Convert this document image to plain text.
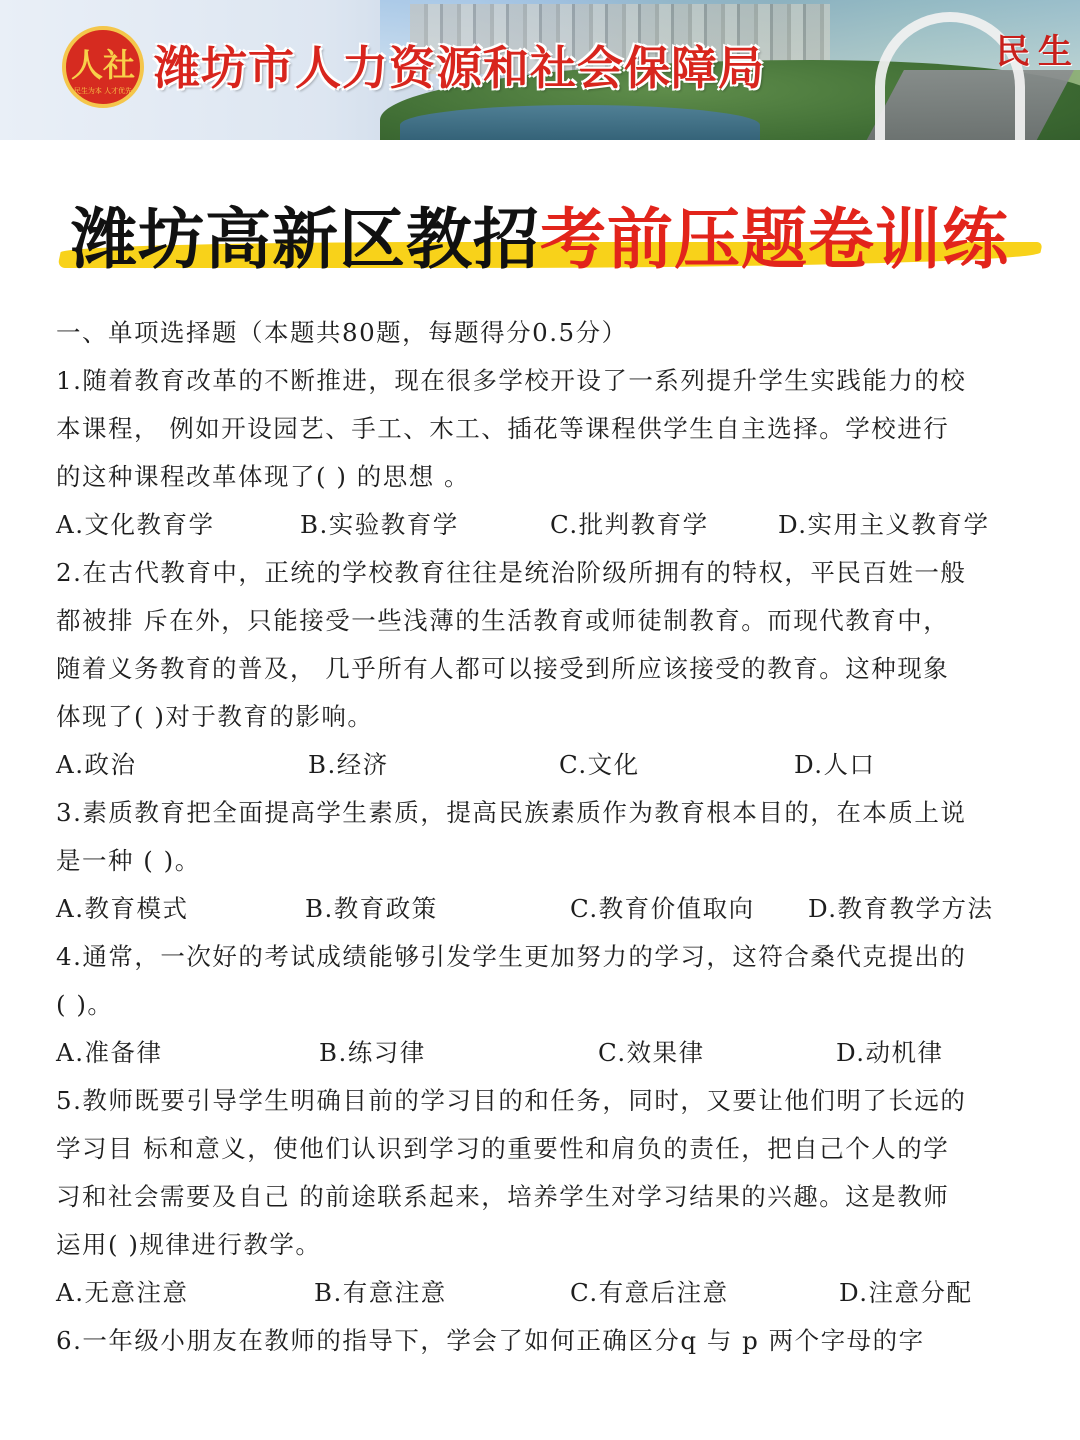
人社
民生为本 人才优先 潍坊市人力资源和社会保障局	民生
潍坊高新区教招考前压题卷训练
一、单项选择题（本题共80题，每题得分0.5分）
1.随着教育改革的不断推进，现在很多学校开设了一系列提升学生实践能力的校
本课程， 例如开设园艺、手工、木工、插花等课程供学生自主选择。学校进行
的这种课程改革体现了( ) 的思想 。
A.文化教育学	B.实验教育学	C.批判教育学	D.实用主义教育学
2.在古代教育中，正统的学校教育往往是统治阶级所拥有的特权，平民百姓一般
都被排 斥在外，只能接受一些浅薄的生活教育或师徒制教育。而现代教育中，
随着义务教育的普及， 几乎所有人都可以接受到所应该接受的教育。这种现象
体现了( )对于教育的影响。
A.政治	B.经济	C.文化	D.人口
3.素质教育把全面提高学生素质，提高民族素质作为教育根本目的，在本质上说
是一种 ( )。
A.教育模式	B.教育政策	C.教育价值取向 D.教育教学方法
4.通常，一次好的考试成绩能够引发学生更加努力的学习，这符合桑代克提出的
( )。
A.准备律	B.练习律	C.效果律	D.动机律
5.教师既要引导学生明确目前的学习目的和任务，同时，又要让他们明了长远的
学习目 标和意义，使他们认识到学习的重要性和肩负的责任，把自己个人的学
习和社会需要及自己 的前途联系起来，培养学生对学习结果的兴趣。这是教师
运用( )规律进行教学。
A.无意注意	B.有意注意	C.有意后注意	D.注意分配
6.一年级小朋友在教师的指导下，学会了如何正确区分q 与 p 两个字母的字
